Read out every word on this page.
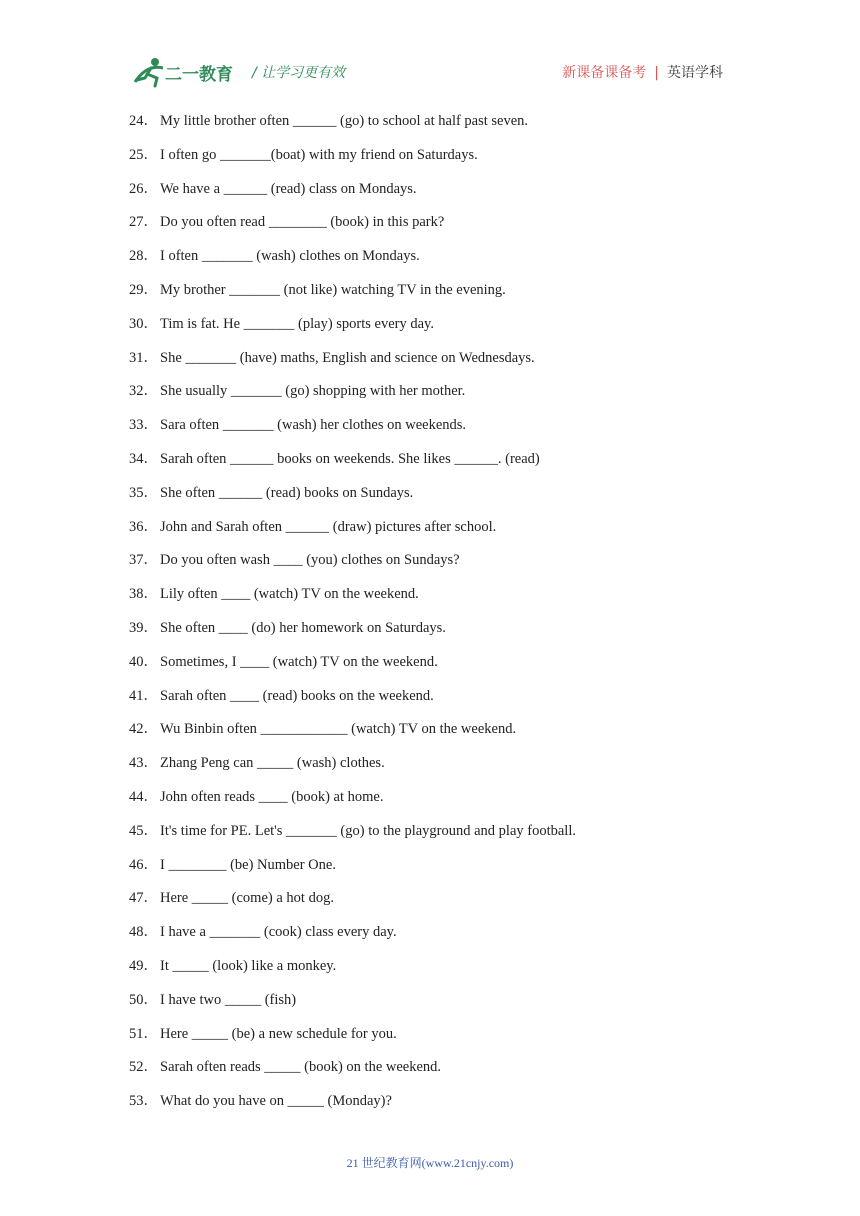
二一教育 / 让学习更有效	新课备课备考 | 英语学科
24． My little brother often ______ (go) to school at half past seven.
25． I often go _______(boat) with my friend on Saturdays.
26． We have a ______ (read) class on Mondays.
27． Do you often read ________ (book) in this park?
28． I often _______ (wash) clothes on Mondays.
29． My brother _______ (not like) watching TV in the evening.
30． Tim is fat. He _______ (play) sports every day.
31． She _______ (have) maths, English and science on Wednesdays.
32． She usually _______ (go) shopping with her mother.
33． Sara often _______ (wash) her clothes on weekends.
34． Sarah often ______ books on weekends. She likes ______. (read)
35． She often ______ (read) books on Sundays.
36． John and Sarah often ______ (draw) pictures after school.
37． Do you often wash ____ (you) clothes on Sundays?
38． Lily often ____ (watch) TV on the weekend.
39． She often ____ (do) her homework on Saturdays.
40． Sometimes, I ____ (watch) TV on the weekend.
41． Sarah often ____ (read) books on the weekend.
42． Wu Binbin often ____________ (watch) TV on the weekend.
43． Zhang Peng can _____ (wash) clothes.
44． John often reads ____ (book) at home.
45． It's time for PE. Let's _______ (go) to the playground and play football.
46． I ________ (be) Number One.
47． Here _____ (come) a hot dog.
48． I have a _______ (cook) class every day.
49． It _____ (look) like a monkey.
50． I have two _____ (fish)
51． Here _____ (be) a new schedule for you.
52． Sarah often reads _____ (book) on the weekend.
53． What do you have on _____ (Monday)?
21 世纪教育网(www.21cnjy.com)
